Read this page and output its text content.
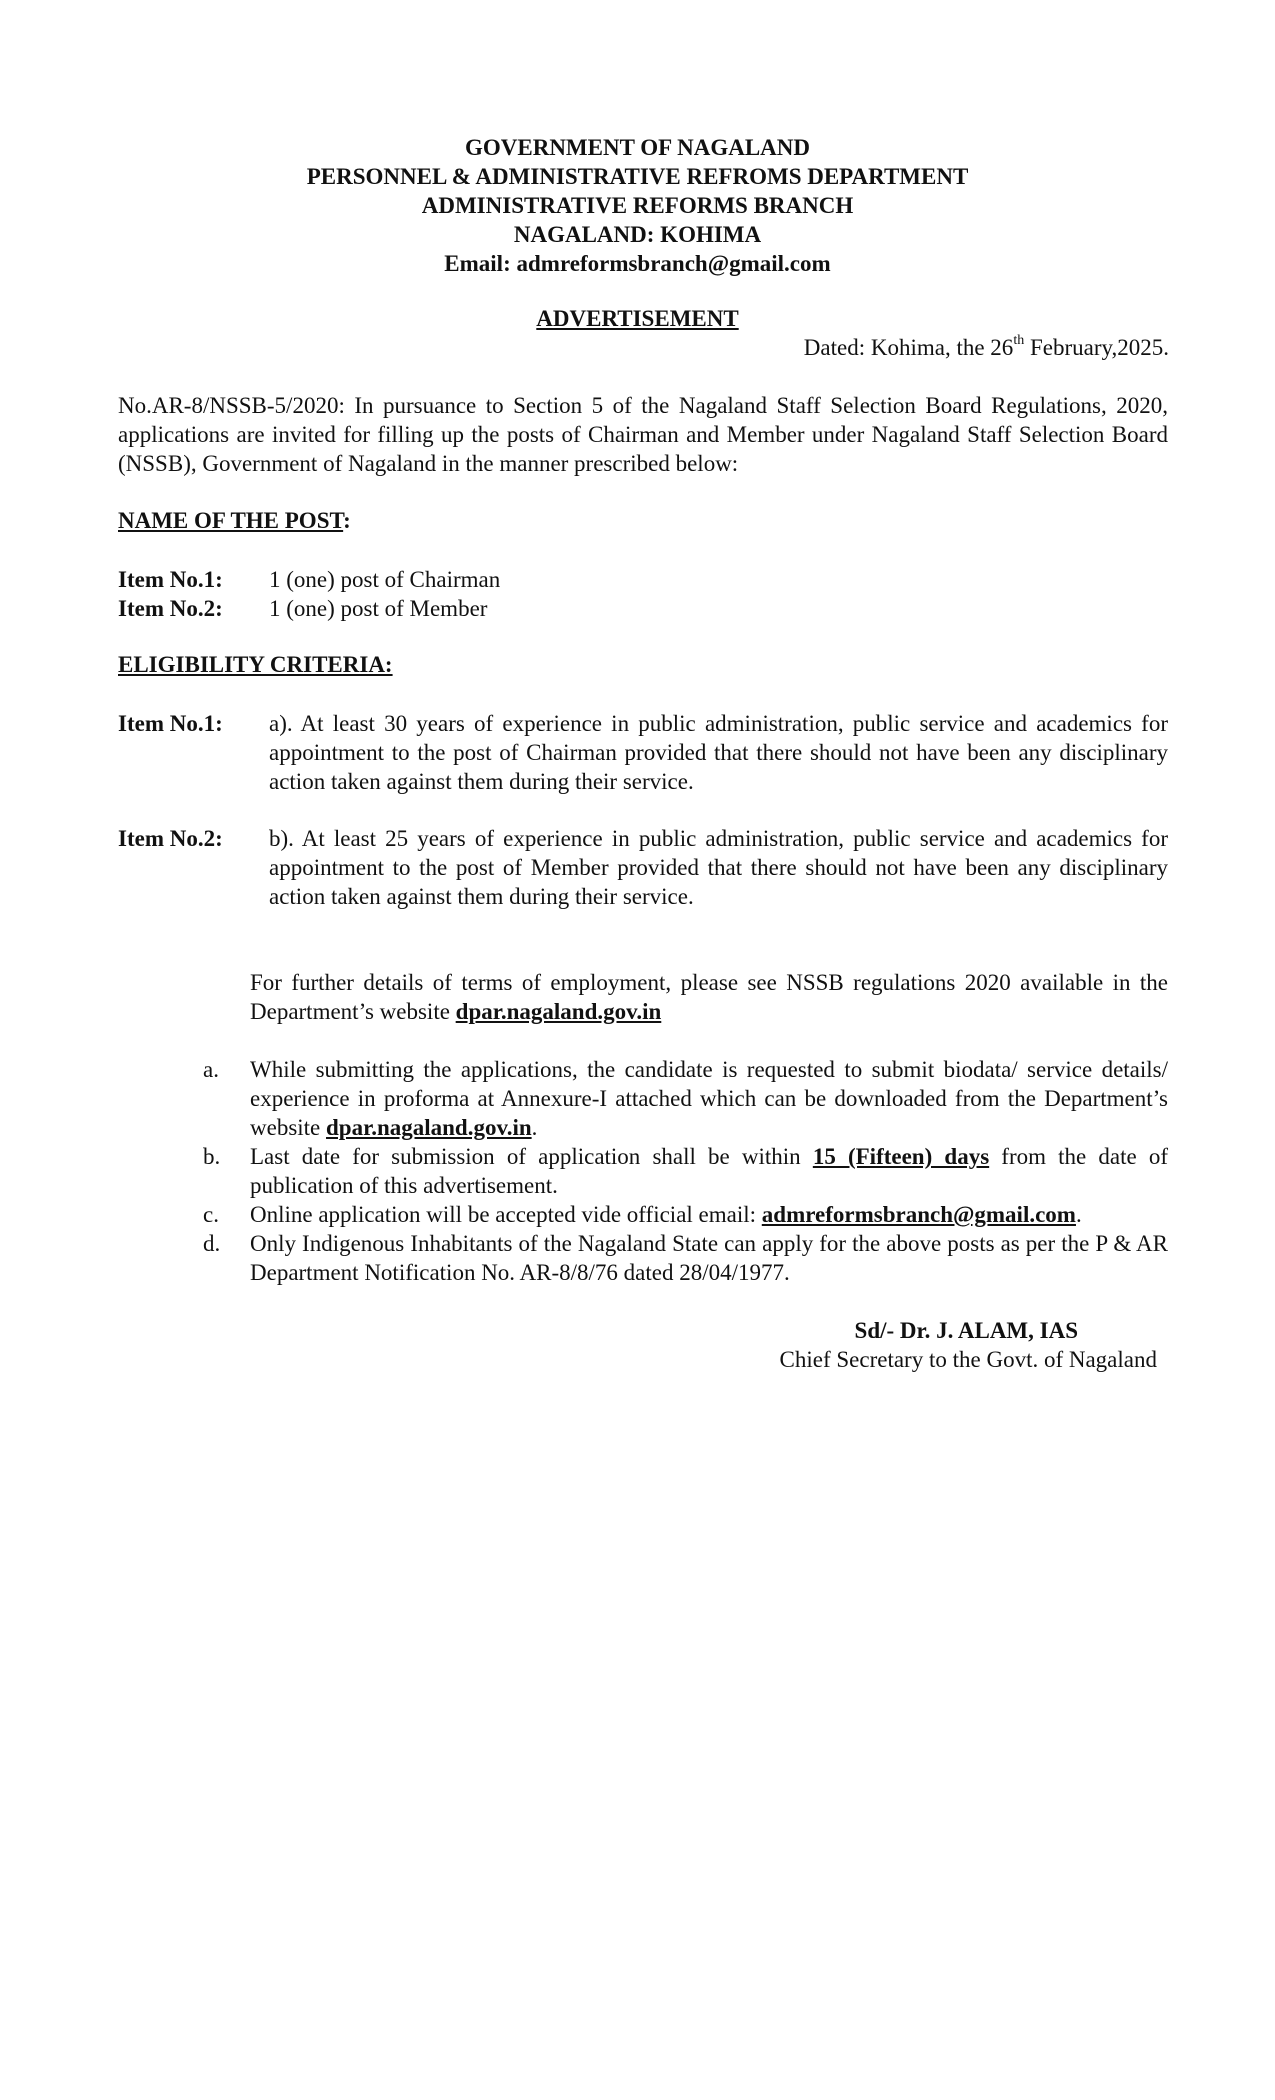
GOVERNMENT OF NAGALAND
PERSONNEL & ADMINISTRATIVE REFROMS DEPARTMENT
ADMINISTRATIVE REFORMS BRANCH
NAGALAND: KOHIMA
Email: admreformsbranch@gmail.com
ADVERTISEMENT
Dated: Kohima, the 26th February,2025.
No.AR-8/NSSB-5/2020: In pursuance to Section 5 of the Nagaland Staff Selection Board Regulations, 2020, applications are invited for filling up the posts of Chairman and Member under Nagaland Staff Selection Board (NSSB), Government of Nagaland in the manner prescribed below:
NAME OF THE POST:
Item No.1: 1 (one) post of Chairman
Item No.2: 1 (one) post of Member
ELIGIBILITY CRITERIA:
Item No.1: a). At least 30 years of experience in public administration, public service and academics for appointment to the post of Chairman provided that there should not have been any disciplinary action taken against them during their service.
Item No.2: b). At least 25 years of experience in public administration, public service and academics for appointment to the post of Member provided that there should not have been any disciplinary action taken against them during their service.
For further details of terms of employment, please see NSSB regulations 2020 available in the Department’s website dpar.nagaland.gov.in
a. While submitting the applications, the candidate is requested to submit biodata/ service details/ experience in proforma at Annexure-I attached which can be downloaded from the Department’s website dpar.nagaland.gov.in.
b. Last date for submission of application shall be within 15 (Fifteen) days from the date of publication of this advertisement.
c. Online application will be accepted vide official email: admreformsbranch@gmail.com.
d. Only Indigenous Inhabitants of the Nagaland State can apply for the above posts as per the P & AR Department Notification No. AR-8/8/76 dated 28/04/1977.
Sd/- Dr. J. ALAM, IAS
Chief Secretary to the Govt. of Nagaland
